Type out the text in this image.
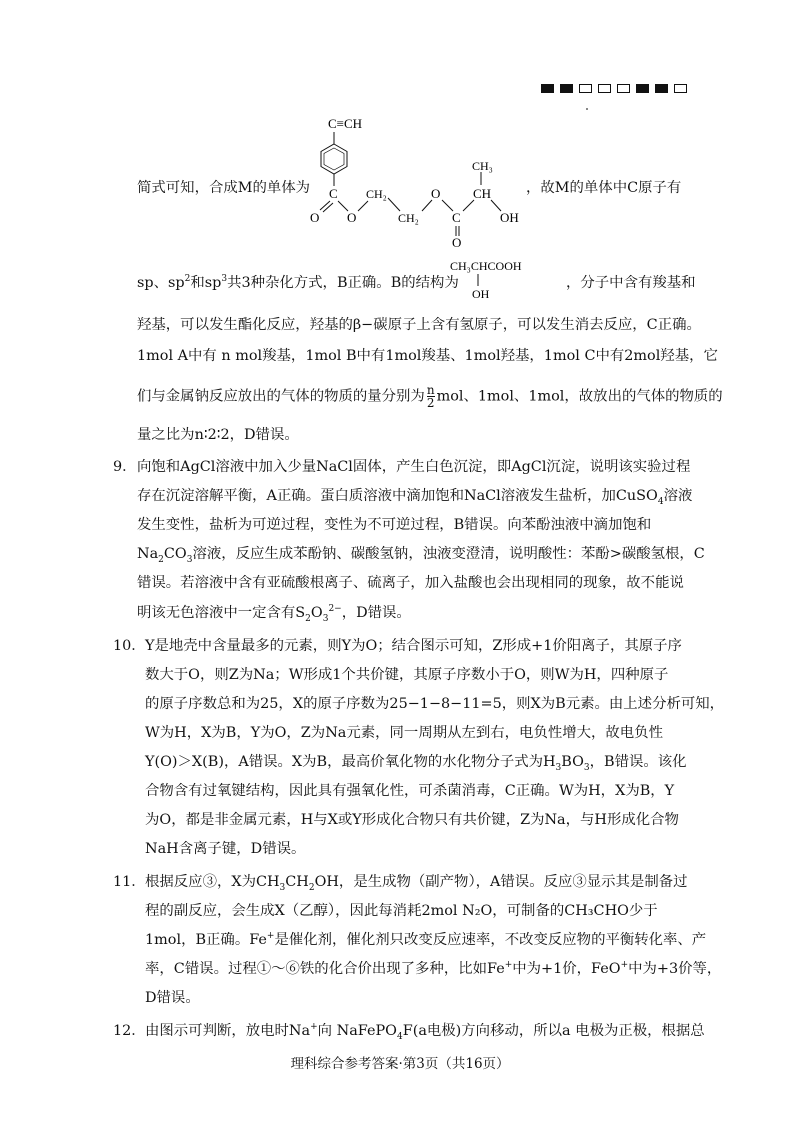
C≡CH
C
O O
CH₂
CH₂
O
C
O
CH
CH₃
OH
CH₃CHCOOH
OH
简式可知，合成M的单体为	，故M的单体中C原子有
sp、$sp^2$和$sp^3$共3种杂化方式，B正确。B的结构为	，分子中含有羧基和
羟基，可以发生酯化反应，羟基的β−碳原子上含有氢原子，可以发生消去反应，C正确。
1mol A中有 n mol羧基，1mol B中有1mol羧基、1mol羟基，1mol C中有2mol羟基，它
们与金属钠反应放出的气体的物质的量分别为 $\frac{n}{2}$ mol、1mol、1mol，故放出的气体的物质的
量之比为n∶2∶2，D错误。
9． 向饱和AgCl溶液中加入少量NaCl固体，产生白色沉淀，即AgCl沉淀，说明该实验过程
存在沉淀溶解平衡，A正确。蛋白质溶液中滴加饱和NaCl溶液发生盐析，加CuSO$_4$溶液
发生变性，盐析为可逆过程，变性为不可逆过程，B错误。向苯酚浊液中滴加饱和
$Na_2CO_3$溶液，反应生成苯酚钠、碳酸氢钠，浊液变澄清，说明酸性：苯酚>碳酸氢根，C
错误。若溶液中含有亚硫酸根离子、硫离子，加入盐酸也会出现相同的现象，故不能说
明该无色溶液中一定含有$S_2O_3^{2-}$，D错误。
10． Y是地壳中含量最多的元素，则Y为O；结合图示可知，Z形成+1价阳离子，其原子序
数大于O，则Z为Na；W形成1个共价键，其原子序数小于O，则W为H，四种原子
的原子序数总和为25，X的原子序数为25−1−8−11=5，则X为B元素。由上述分析可知，
W为H，X为B，Y为O，Z为Na元素，同一周期从左到右，电负性增大，故电负性
Y(O)＞X(B)，A错误。X为B，最高价氧化物的水化物分子式为$H_3BO_3$，B错误。该化
合物含有过氧键结构，因此具有强氧化性，可杀菌消毒，C正确。W为H，X为B，Y
为O，都是非金属元素，H与X或Y形成化合物只有共价键，Z为Na，与H形成化合物
NaH含离子键，D错误。
11． 根据反应③，X为$CH_3CH_2OH$，是生成物（副产物），A错误。反应③显示其是制备过
程的副反应，会生成X（乙醇），因此每消耗2mol N₂O，可制备的CH₃CHO少于
1mol，B正确。Fe+是催化剂，催化剂只改变反应速率，不改变反应物的平衡转化率、产
率，C错误。过程①～⑥铁的化合价出现了多种，比如Fe+中为+1价，FeO+中为+3价等，
D错误。
12． 由图示可判断，放电时Na+向 NaFePO$_4$F(a电极)方向移动，所以a 电极为正极，根据总
理科综合参考答案·第3页（共16页）
